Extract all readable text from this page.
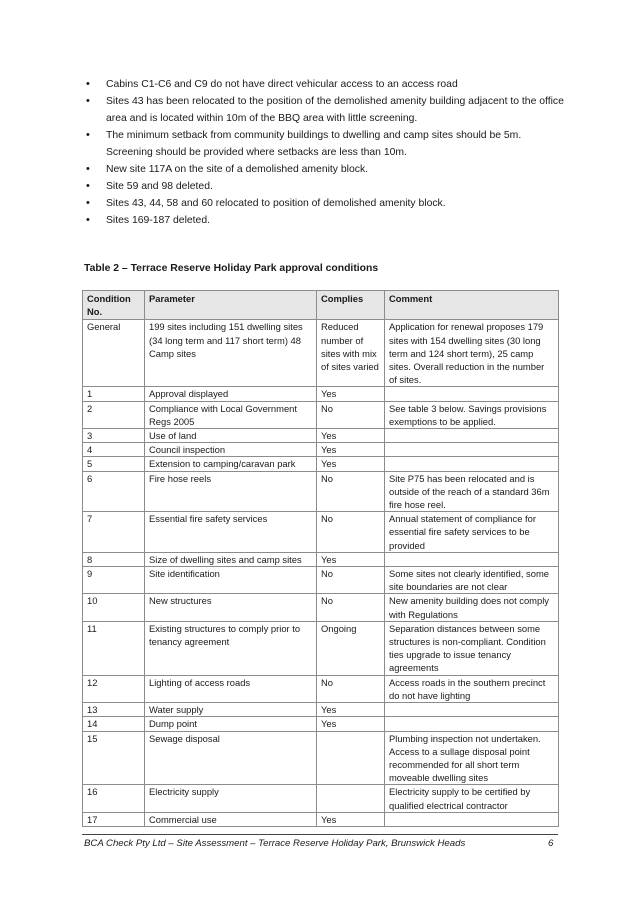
• Cabins C1-C6 and C9 do not have direct vehicular access to an access road
• Sites 43 has been relocated to the position of the demolished amenity building adjacent to the office area and is located within 10m of the BBQ area with little screening.
• The minimum setback from community buildings to dwelling and camp sites should be 5m. Screening should be provided where setbacks are less than 10m.
• New site 117A on the site of a demolished amenity block.
• Site 59 and 98 deleted.
• Sites 43, 44, 58 and 60 relocated to position of demolished amenity block.
• Sites 169-187 deleted.
Table 2 – Terrace Reserve Holiday Park approval conditions
Condition No.	Parameter	Complies	Comment
General	199 sites including 151 dwelling sites (34 long term and 117 short term) 48 Camp sites	Reduced number of sites with mix of sites varied	Application for renewal proposes 179 sites with 154 dwelling sites (30 long term and 124 short term), 25 camp sites. Overall reduction in the number of sites.
1	Approval displayed	Yes	
2	Compliance with Local Government Regs 2005	No	See table 3 below. Savings provisions exemptions to be applied.
3	Use of land	Yes	
4	Council inspection	Yes	
5	Extension to camping/caravan park	Yes	
6	Fire hose reels	No	Site P75 has been relocated and is outside of the reach of a standard 36m fire hose reel.
7	Essential fire safety services	No	Annual statement of compliance for essential fire safety services to be provided
8	Size of dwelling sites and camp sites	Yes	
9	Site identification	No	Some sites not clearly identified, some site boundaries are not clear
10	New structures	No	New amenity building does not comply with Regulations
11	Existing structures to comply prior to tenancy agreement	Ongoing	Separation distances between some structures is non-compliant. Condition ties upgrade to issue tenancy agreements
12	Lighting of access roads	No	Access roads in the southern precinct do not have lighting
13	Water supply	Yes	
14	Dump point	Yes	
15	Sewage disposal		Plumbing inspection not undertaken. Access to a sullage disposal point recommended for all short term moveable dwelling sites
16	Electricity supply		Electricity supply to be certified by qualified electrical contractor
17	Commercial use	Yes	
BCA Check Pty Ltd – Site Assessment – Terrace Reserve Holiday Park, Brunswick Heads	6
